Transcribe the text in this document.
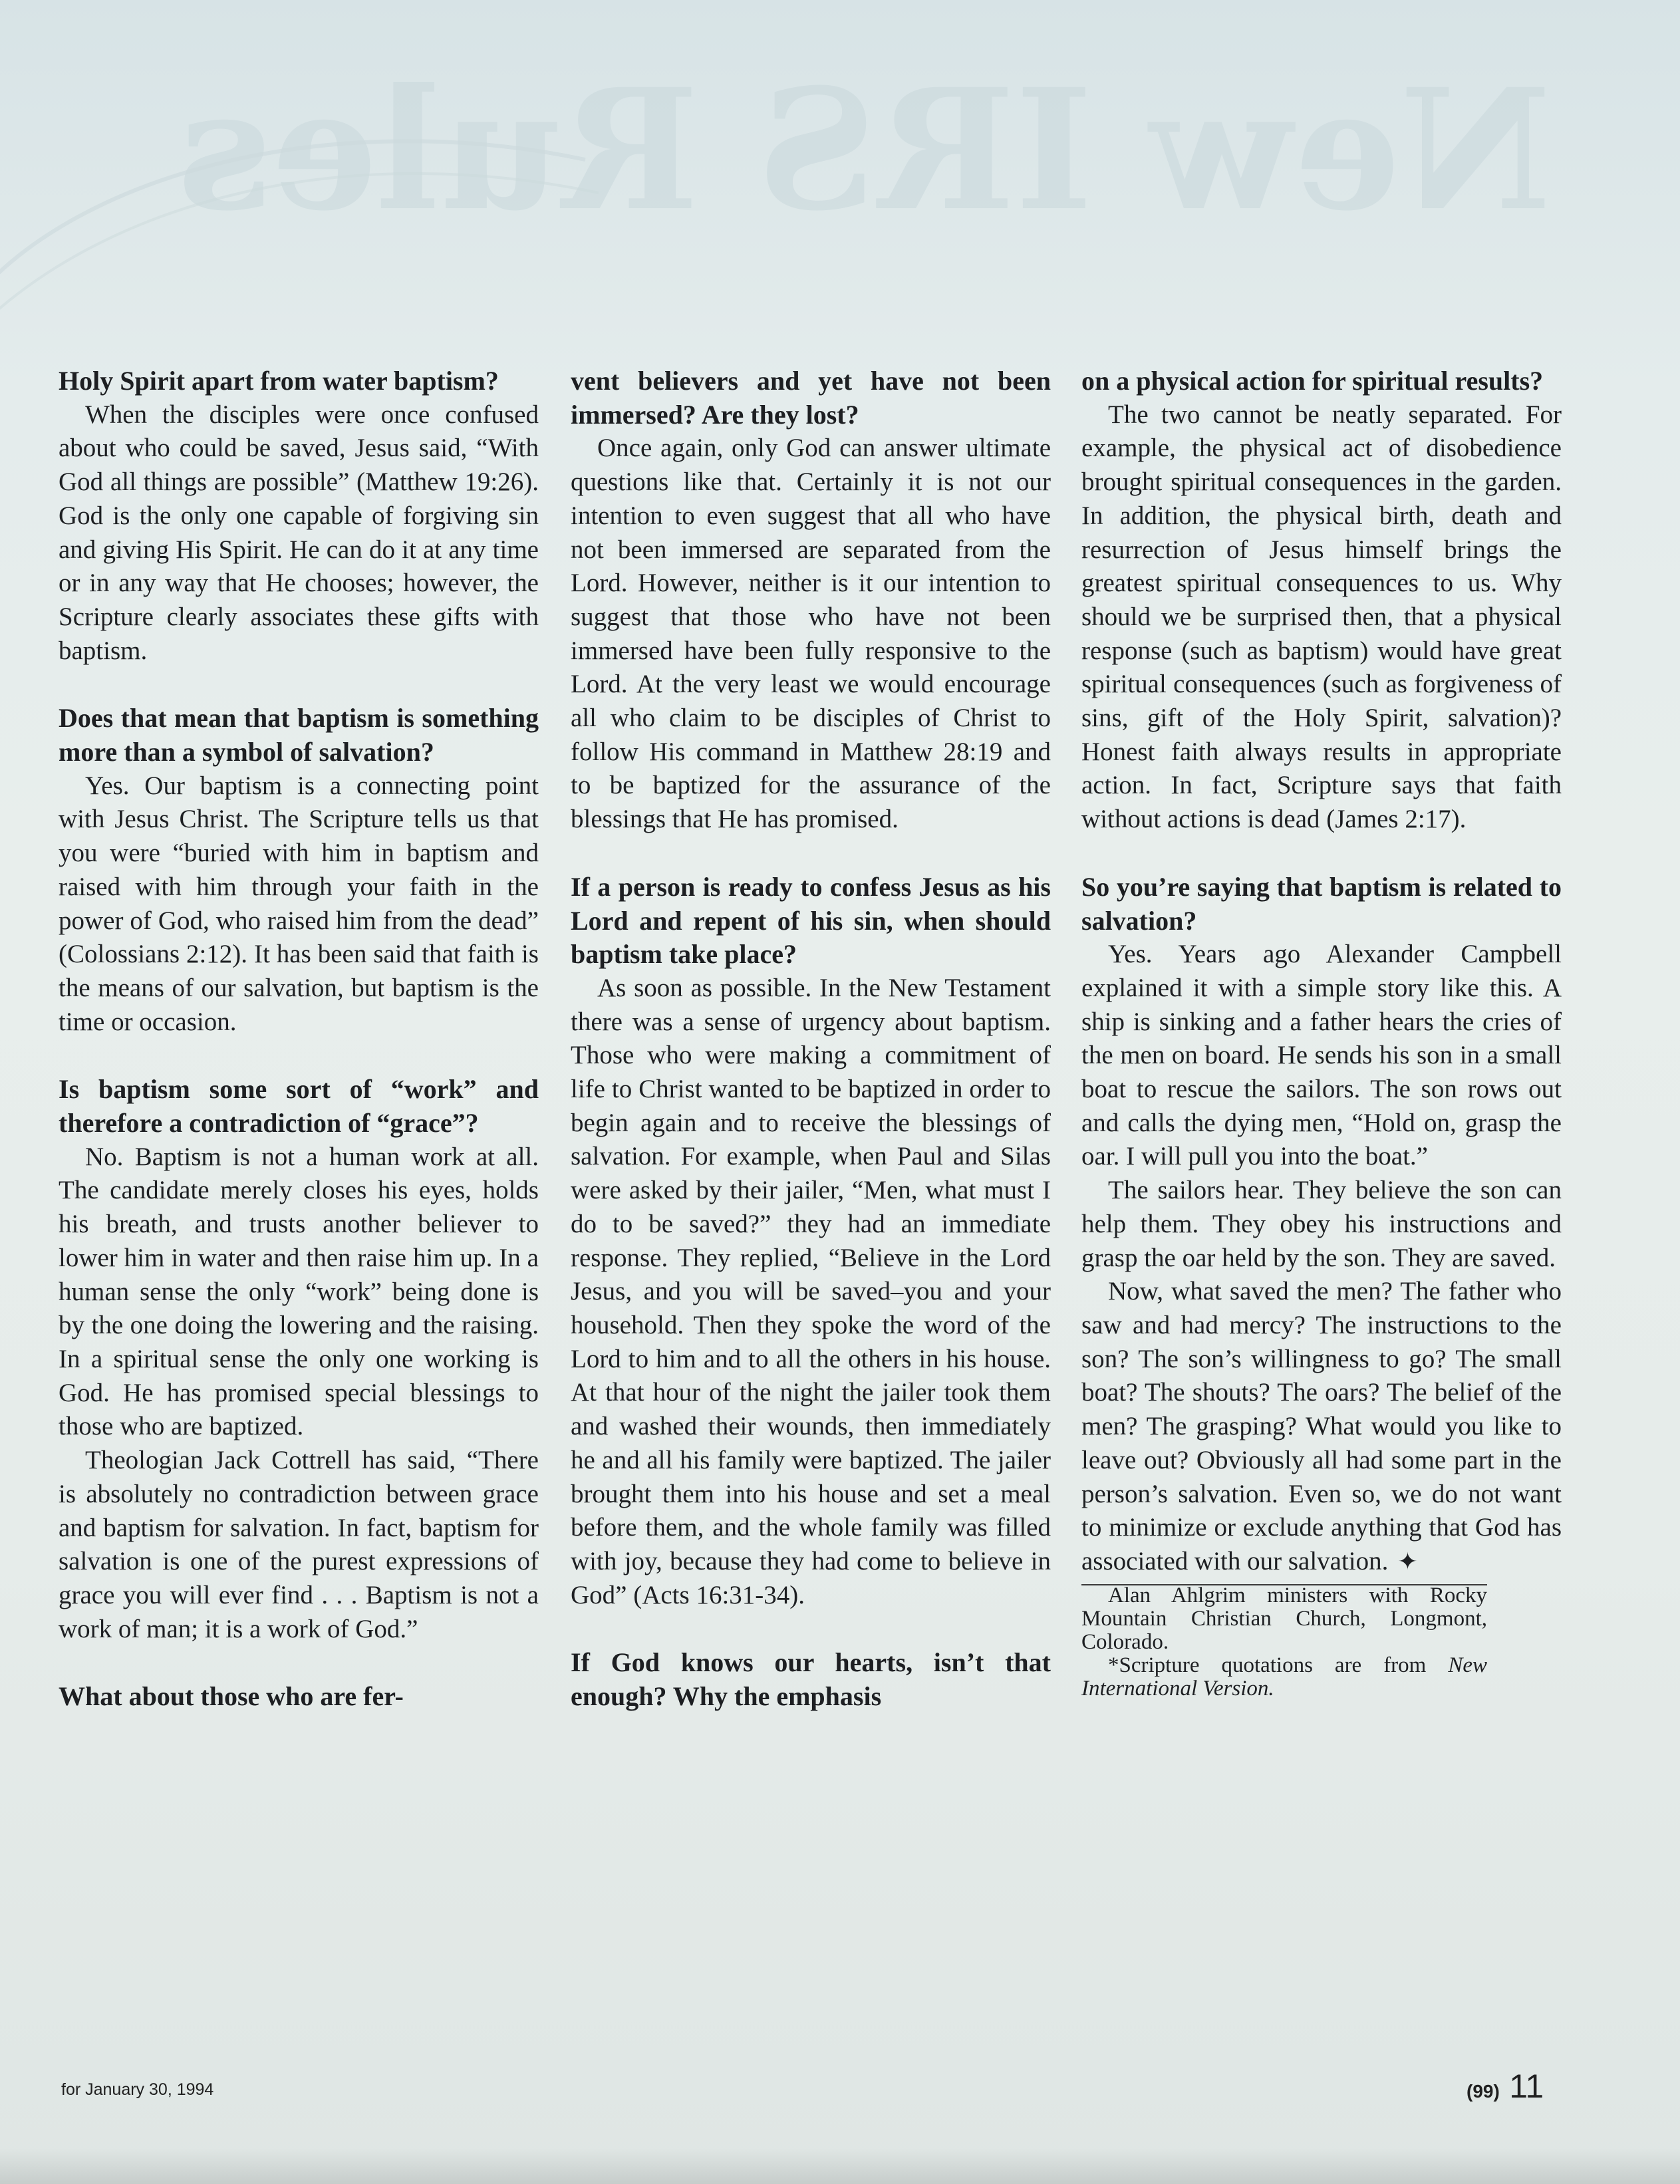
New IRS Rules
Holy Spirit apart from water baptism?

When the disciples were once confused about who could be saved, Jesus said, “With God all things are possible” (Matthew 19:26). God is the only one capable of forgiving sin and giving His Spirit. He can do it at any time or in any way that He chooses; however, the Scripture clearly associates these gifts with baptism.

Does that mean that baptism is something more than a symbol of salvation?

Yes. Our baptism is a connecting point with Jesus Christ. The Scripture tells us that you were “buried with him in baptism and raised with him through your faith in the power of God, who raised him from the dead” (Colossians 2:12). It has been said that faith is the means of our salvation, but baptism is the time or occasion.

Is baptism some sort of “work” and therefore a contradiction of “grace”?

No. Baptism is not a human work at all. The candidate merely closes his eyes, holds his breath, and trusts another believer to lower him in water and then raise him up. In a human sense the only “work” being done is by the one doing the lowering and the raising. In a spiritual sense the only one working is God. He has promised special blessings to those who are baptized.

Theologian Jack Cottrell has said, “There is absolutely no contradiction between grace and baptism for salvation. In fact, baptism for salvation is one of the purest expressions of grace you will ever find . . . Baptism is not a work of man; it is a work of God.”

What about those who are fer-
vent believers and yet have not been immersed? Are they lost?

Once again, only God can answer ultimate questions like that. Certainly it is not our intention to even suggest that all who have not been immersed are separated from the Lord. However, neither is it our intention to suggest that those who have not been immersed have been fully responsive to the Lord. At the very least we would encourage all who claim to be disciples of Christ to follow His command in Matthew 28:19 and to be baptized for the assurance of the blessings that He has promised.

If a person is ready to confess Jesus as his Lord and repent of his sin, when should baptism take place?

As soon as possible. In the New Testament there was a sense of urgency about baptism. Those who were making a commitment of life to Christ wanted to be baptized in order to begin again and to receive the blessings of salvation. For example, when Paul and Silas were asked by their jailer, “Men, what must I do to be saved?” they had an immediate response. They replied, “Believe in the Lord Jesus, and you will be saved–you and your household. Then they spoke the word of the Lord to him and to all the others in his house. At that hour of the night the jailer took them and washed their wounds, then immediately he and all his family were baptized. The jailer brought them into his house and set a meal before them, and the whole family was filled with joy, because they had come to believe in God” (Acts 16:31-34).

If God knows our hearts, isn’t that enough? Why the emphasis
on a physical action for spiritual results?

The two cannot be neatly separated. For example, the physical act of disobedience brought spiritual consequences in the garden. In addition, the physical birth, death and resurrection of Jesus himself brings the greatest spiritual consequences to us. Why should we be surprised then, that a physical response (such as baptism) would have great spiritual consequences (such as forgiveness of sins, gift of the Holy Spirit, salvation)? Honest faith always results in appropriate action. In fact, Scripture says that faith without actions is dead (James 2:17).

So you’re saying that baptism is related to salvation?

Yes. Years ago Alexander Campbell explained it with a simple story like this. A ship is sinking and a father hears the cries of the men on board. He sends his son in a small boat to rescue the sailors. The son rows out and calls the dying men, “Hold on, grasp the oar. I will pull you into the boat.”

The sailors hear. They believe the son can help them. They obey his instructions and grasp the oar held by the son. They are saved.

Now, what saved the men? The father who saw and had mercy? The instructions to the son? The son’s willingness to go? The small boat? The shouts? The oars? The belief of the men? The grasping? What would you like to leave out? Obviously all had some part in the person’s salvation. Even so, we do not want to minimize or exclude anything that God has associated with our salvation. ✦

Alan Ahlgrim ministers with Rocky Mountain Christian Church, Longmont, Colorado.

*Scripture quotations are from New International Version.

for January 30, 1994	(99) 11
